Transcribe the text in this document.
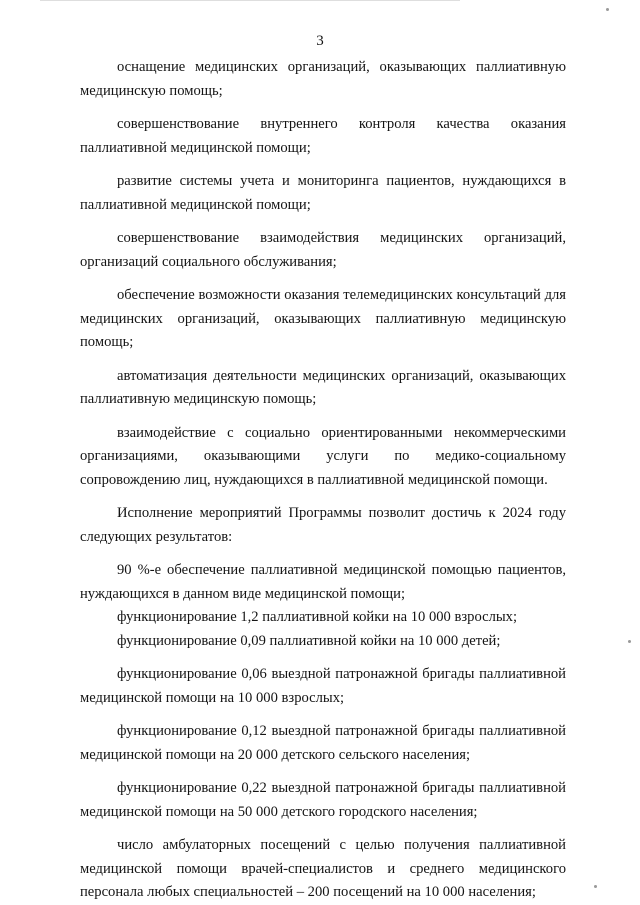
3

оснащение медицинских организаций, оказывающих паллиативную медицинскую помощь;

совершенствование внутреннего контроля качества оказания паллиативной медицинской помощи;

развитие системы учета и мониторинга пациентов, нуждающихся в паллиативной медицинской помощи;

совершенствование взаимодействия медицинских организаций, организаций социального обслуживания;

обеспечение возможности оказания телемедицинских консультаций для медицинских организаций, оказывающих паллиативную медицинскую помощь;

автоматизация деятельности медицинских организаций, оказывающих паллиативную медицинскую помощь;

взаимодействие с социально ориентированными некоммерческими организациями, оказывающими услуги по медико-социальному сопровождению лиц, нуждающихся в паллиативной медицинской помощи.

Исполнение мероприятий Программы позволит достичь к 2024 году следующих результатов:

90 %-е обеспечение паллиативной медицинской помощью пациентов, нуждающихся в данном виде медицинской помощи;

функционирование 1,2 паллиативной койки на 10 000 взрослых;

функционирование 0,09 паллиативной койки на 10 000 детей;

функционирование 0,06 выездной патронажной бригады паллиативной медицинской помощи на 10 000 взрослых;

функционирование 0,12 выездной патронажной бригады паллиативной медицинской помощи на 20 000 детского сельского населения;

функционирование 0,22 выездной патронажной бригады паллиативной медицинской помощи на 50 000 детского городского населения;

число амбулаторных посещений с целью получения паллиативной медицинской помощи врачей-специалистов и среднего медицинского персонала любых специальностей – 200 посещений на 10 000 населения;
